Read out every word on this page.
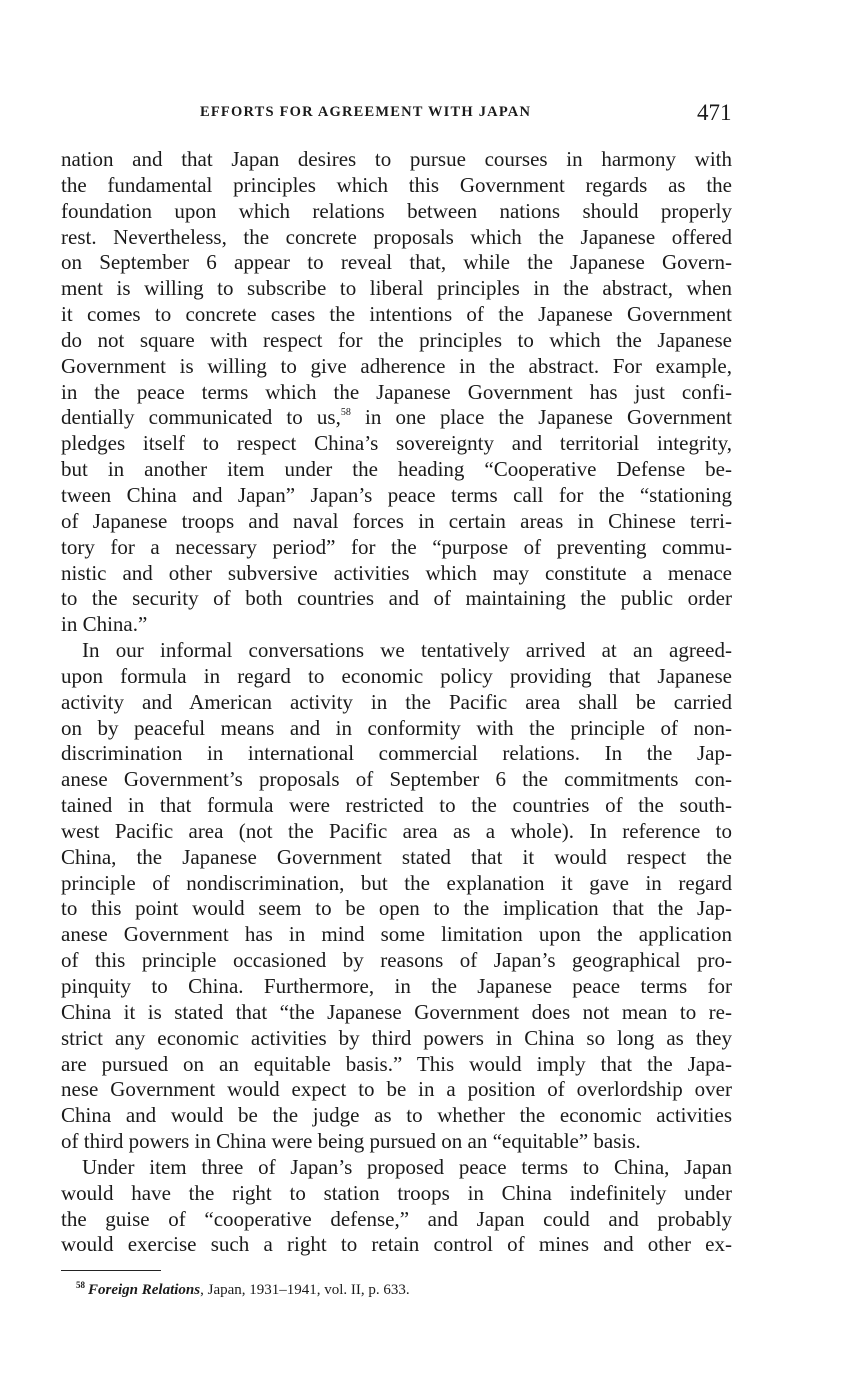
EFFORTS FOR AGREEMENT WITH JAPAN	471
nation and that Japan desires to pursue courses in harmony with
the fundamental principles which this Government regards as the
foundation upon which relations between nations should properly
rest. Nevertheless, the concrete proposals which the Japanese offered
on September 6 appear to reveal that, while the Japanese Govern-
ment is willing to subscribe to liberal principles in the abstract, when
it comes to concrete cases the intentions of the Japanese Government
do not square with respect for the principles to which the Japanese
Government is willing to give adherence in the abstract. For example,
in the peace terms which the Japanese Government has just confi-
dentially communicated to us,$^{58}$ in one place the Japanese Government
pledges itself to respect China’s sovereignty and territorial integrity,
but in another item under the heading “Cooperative Defense be-
tween China and Japan” Japan’s peace terms call for the “stationing
of Japanese troops and naval forces in certain areas in Chinese terri-
tory for a necessary period” for the “purpose of preventing commu-
nistic and other subversive activities which may constitute a menace
to the security of both countries and of maintaining the public order
in China.”
In our informal conversations we tentatively arrived at an agreed-
upon formula in regard to economic policy providing that Japanese
activity and American activity in the Pacific area shall be carried
on by peaceful means and in conformity with the principle of non-
discrimination in international commercial relations. In the Jap-
anese Government’s proposals of September 6 the commitments con-
tained in that formula were restricted to the countries of the south-
west Pacific area (not the Pacific area as a whole). In reference to
China, the Japanese Government stated that it would respect the
principle of nondiscrimination, but the explanation it gave in regard
to this point would seem to be open to the implication that the Jap-
anese Government has in mind some limitation upon the application
of this principle occasioned by reasons of Japan’s geographical pro-
pinquity to China. Furthermore, in the Japanese peace terms for
China it is stated that “the Japanese Government does not mean to re-
strict any economic activities by third powers in China so long as they
are pursued on an equitable basis.” This would imply that the Japa-
nese Government would expect to be in a position of overlordship over
China and would be the judge as to whether the economic activities
of third powers in China were being pursued on an “equitable” basis.
Under item three of Japan’s proposed peace terms to China, Japan
would have the right to station troops in China indefinitely under
the guise of “cooperative defense,” and Japan could and probably
would exercise such a right to retain control of mines and other ex-
$^{58}$ Foreign Relations, Japan, 1931–1941, vol. II, p. 633.
